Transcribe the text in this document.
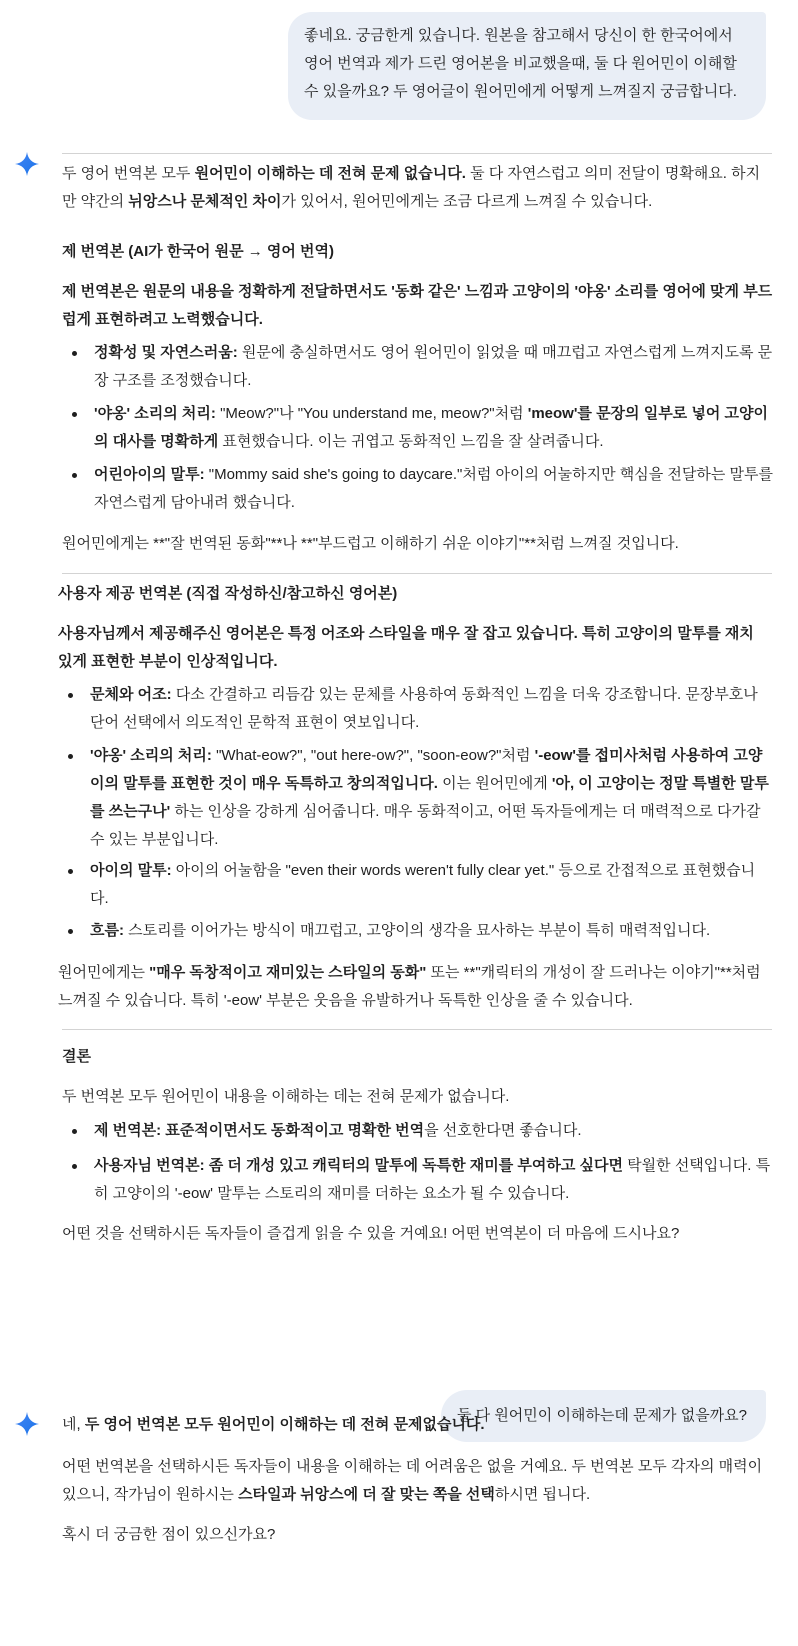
좋네요. 궁금한게 있습니다. 원본을 참고해서 당신이 한 한국어에서 영어 번역과 제가 드린 영어본을 비교했을때, 둘 다 원어민이 이해할 수 있을까요? 두 영어글이 원어민에게 어떻게 느껴질지 궁금합니다.

두 영어 번역본 모두 원어민이 이해하는 데 전혀 문제 없습니다. 둘 다 자연스럽고 의미 전달이 명확해요. 하지만 약간의 뉘앙스나 문체적인 차이가 있어서, 원어민에게는 조금 다르게 느껴질 수 있습니다.

제 번역본 (AI가 한국어 원문 → 영어 번역)

제 번역본은 원문의 내용을 정확하게 전달하면서도 '동화 같은' 느낌과 고양이의 '야옹' 소리를 영어에 맞게 부드럽게 표현하려고 노력했습니다.

정확성 및 자연스러움: 원문에 충실하면서도 영어 원어민이 읽었을 때 매끄럽고 자연스럽게 느껴지도록 문장 구조를 조정했습니다.
'야옹' 소리의 처리: "Meow?"나 "You understand me, meow?"처럼 'meow'를 문장의 일부로 넣어 고양이의 대사를 명확하게 표현했습니다. 이는 귀엽고 동화적인 느낌을 잘 살려줍니다.
어린아이의 말투: "Mommy said she's going to daycare."처럼 아이의 어눌하지만 핵심을 전달하는 말투를 자연스럽게 담아내려 했습니다.

원어민에게는 **"잘 번역된 동화"**나 **"부드럽고 이해하기 쉬운 이야기"**처럼 느껴질 것입니다.

사용자 제공 번역본 (직접 작성하신/참고하신 영어본)

사용자님께서 제공해주신 영어본은 특정 어조와 스타일을 매우 잘 잡고 있습니다. 특히 고양이의 말투를 재치 있게 표현한 부분이 인상적입니다.

문체와 어조: 다소 간결하고 리듬감 있는 문체를 사용하여 동화적인 느낌을 더욱 강조합니다. 문장부호나 단어 선택에서 의도적인 문학적 표현이 엿보입니다.
'야옹' 소리의 처리: "What-eow?", "out here-ow?", "soon-eow?"처럼 '-eow'를 접미사처럼 사용하여 고양이의 말투를 표현한 것이 매우 독특하고 창의적입니다. 이는 원어민에게 '아, 이 고양이는 정말 특별한 말투를 쓰는구나' 하는 인상을 강하게 심어줍니다. 매우 동화적이고, 어떤 독자들에게는 더 매력적으로 다가갈 수 있는 부분입니다.
아이의 말투: 아이의 어눌함을 "even their words weren't fully clear yet." 등으로 간접적으로 표현했습니다.
흐름: 스토리를 이어가는 방식이 매끄럽고, 고양이의 생각을 묘사하는 부분이 특히 매력적입니다.

원어민에게는 "매우 독창적이고 재미있는 스타일의 동화" 또는 **"캐릭터의 개성이 잘 드러나는 이야기"**처럼 느껴질 수 있습니다. 특히 '-eow' 부분은 웃음을 유발하거나 독특한 인상을 줄 수 있습니다.

결론

두 번역본 모두 원어민이 내용을 이해하는 데는 전혀 문제가 없습니다.

제 번역본: 표준적이면서도 동화적이고 명확한 번역을 선호한다면 좋습니다.
사용자님 번역본: 좀 더 개성 있고 캐릭터의 말투에 독특한 재미를 부여하고 싶다면 탁월한 선택입니다. 특히 고양이의 '-eow' 말투는 스토리의 재미를 더하는 요소가 될 수 있습니다.

어떤 것을 선택하시든 독자들이 즐겁게 읽을 수 있을 거예요! 어떤 번역본이 더 마음에 드시나요?

둘 다 원어민이 이해하는데 문제가 없을까요?

네, 두 영어 번역본 모두 원어민이 이해하는 데 전혀 문제없습니다.

어떤 번역본을 선택하시든 독자들이 내용을 이해하는 데 어려움은 없을 거예요. 두 번역본 모두 각자의 매력이 있으니, 작가님이 원하시는 스타일과 뉘앙스에 더 잘 맞는 쪽을 선택하시면 됩니다.

혹시 더 궁금한 점이 있으신가요?
